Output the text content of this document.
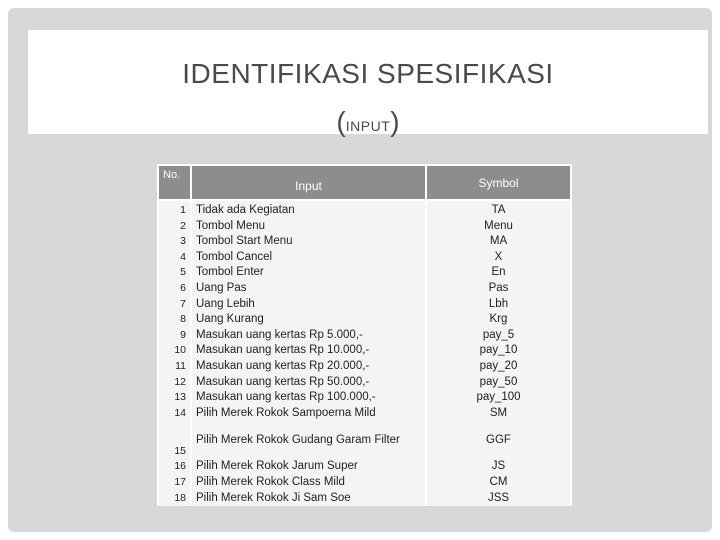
IDENTIFIKASI SPESIFIKASI
(INPUT)
No.	Input	Symbol
1	Tidak ada Kegiatan	TA
2	Tombol Menu	Menu
3	Tombol Start Menu	MA
4	Tombol Cancel	X
5	Tombol Enter	En
6	Uang Pas	Pas
7	Uang Lebih	Lbh
8	Uang Kurang	Krg
9	Masukan uang kertas Rp 5.000,-	pay_5
10	Masukan uang kertas Rp 10.000,-	pay_10
11	Masukan uang kertas Rp 20.000,-	pay_20
12	Masukan uang kertas Rp 50.000,-	pay_50
13	Masukan uang kertas Rp 100.000,-	pay_100
14	Pilih Merek Rokok Sampoerna Mild	SM
15	Pilih Merek Rokok Gudang Garam Filter	GGF
16	Pilih Merek Rokok Jarum Super	JS
17	Pilih Merek Rokok Class Mild	CM
18	Pilih Merek Rokok Ji Sam Soe	JSS
